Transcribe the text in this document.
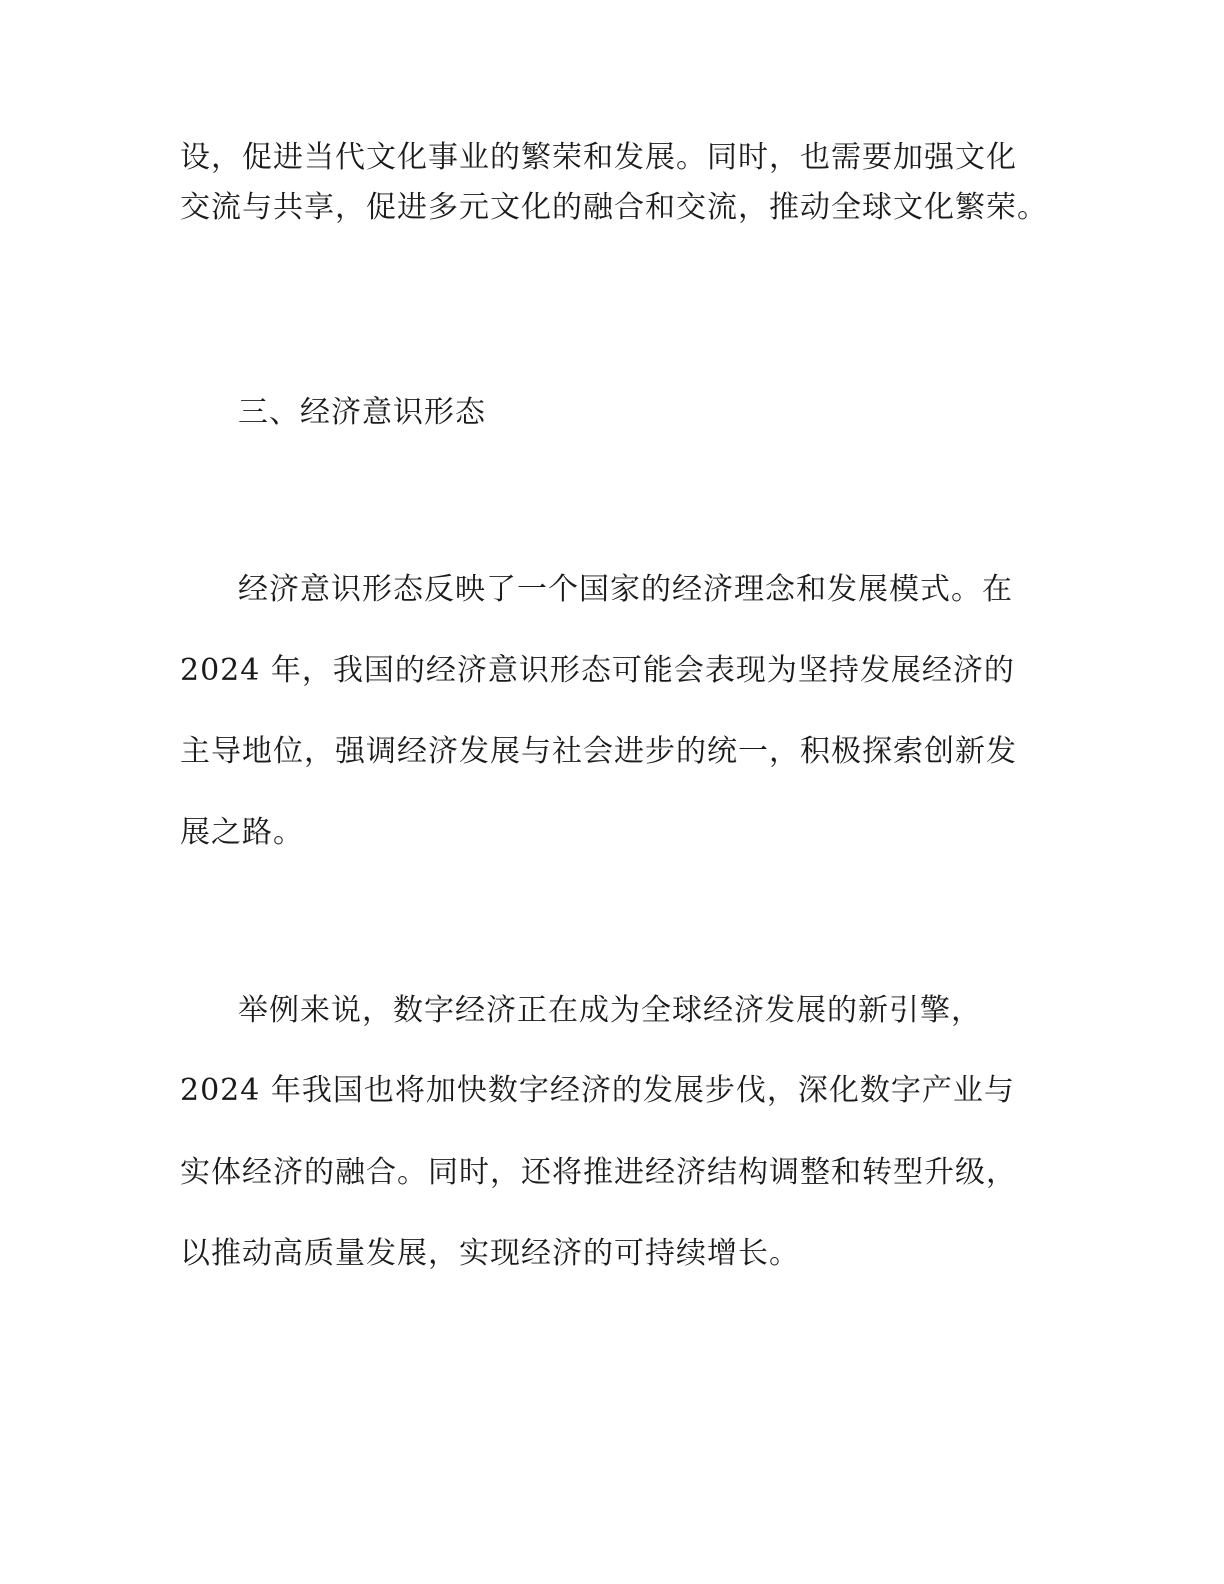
设，促进当代文化事业的繁荣和发展。同时，也需要加强文化
交流与共享，促进多元文化的融合和交流，推动全球文化繁荣。
三、经济意识形态
经济意识形态反映了一个国家的经济理念和发展模式。在
2024 年，我国的经济意识形态可能会表现为坚持发展经济的
主导地位，强调经济发展与社会进步的统一，积极探索创新发
展之路。
举例来说，数字经济正在成为全球经济发展的新引擎，
2024 年我国也将加快数字经济的发展步伐，深化数字产业与
实体经济的融合。同时，还将推进经济结构调整和转型升级，
以推动高质量发展，实现经济的可持续增长。
